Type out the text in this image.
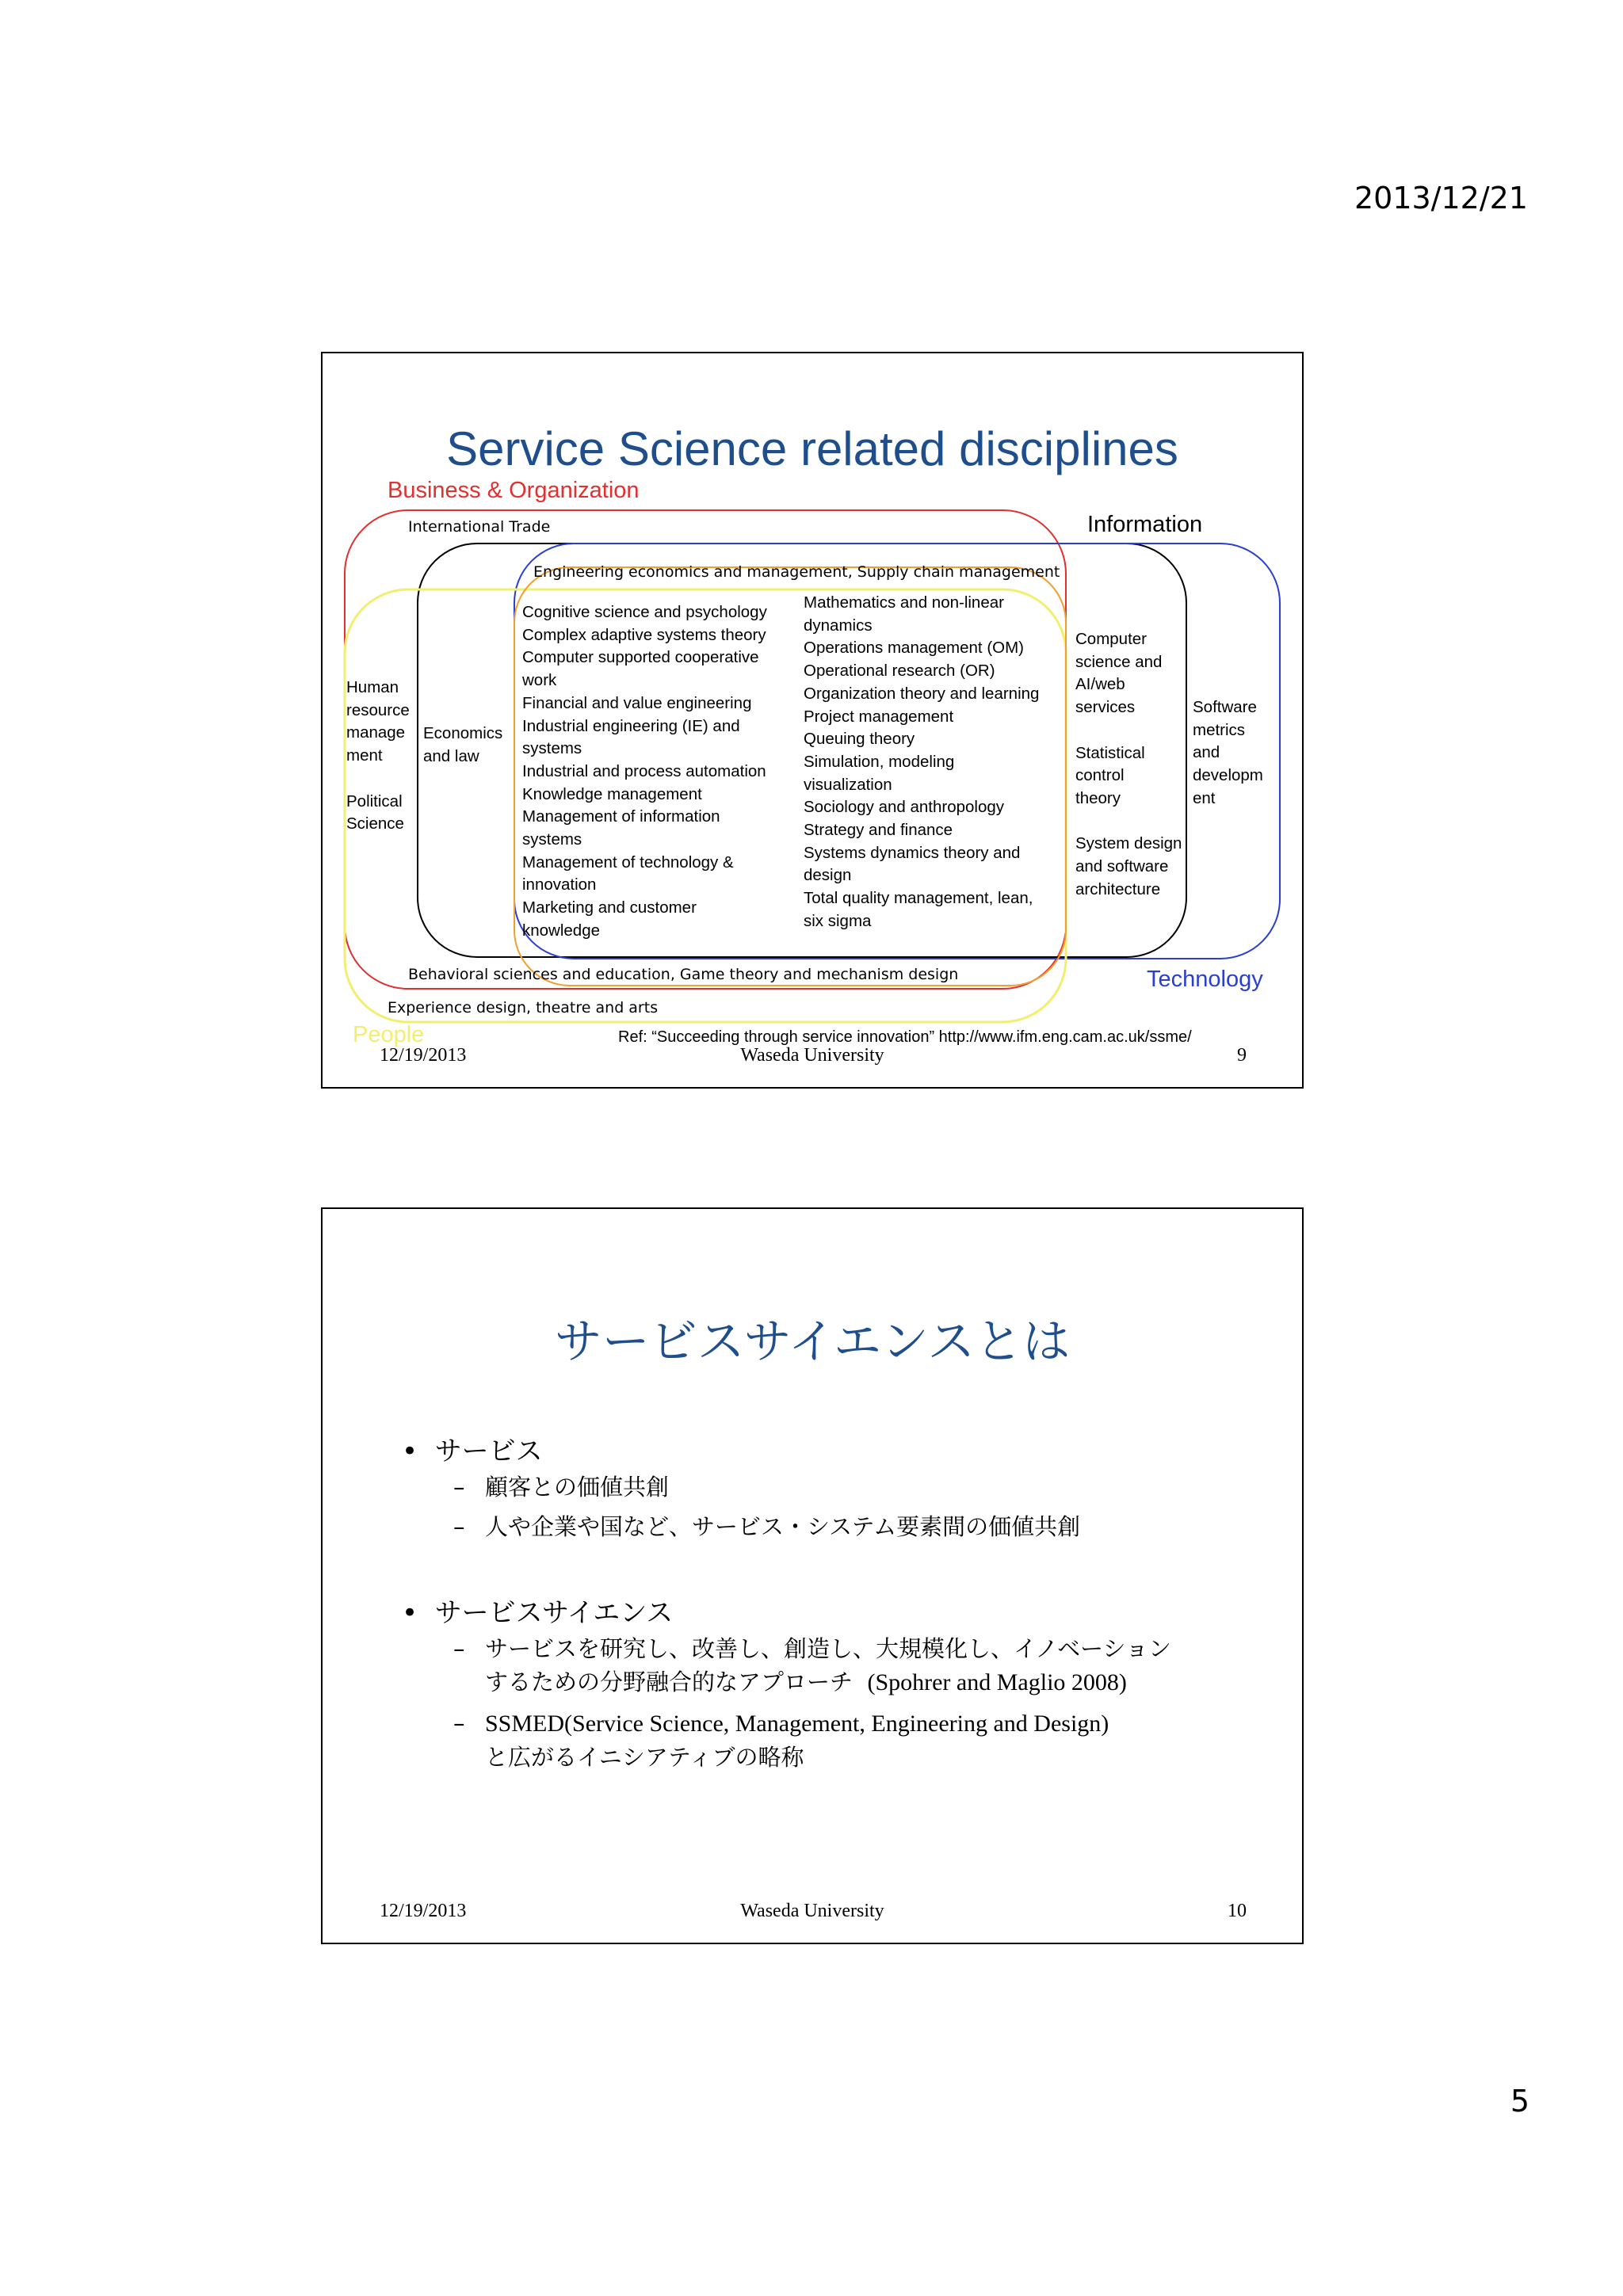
2013/12/21
Service Science related disciplines
Business & Organization
Information
Technology
People
International Trade
Engineering economics and management, Supply chain management
Behavioral sciences and education, Game theory and mechanism design
Experience design, theatre and arts
Human
resource
manage
ment

Political
Science
Economics
and law
Cognitive science and psychology
Complex adaptive systems theory
Computer supported cooperative
work
Financial and value engineering
Industrial engineering (IE) and
systems
Industrial and process automation
Knowledge management
Management of information
systems
Management of technology &
innovation
Marketing and customer
knowledge
Mathematics and non-linear
dynamics
Operations management (OM)
Operational research (OR)
Organization theory and learning
Project management
Queuing theory
Simulation, modeling
visualization
Sociology and anthropology
Strategy and finance
Systems dynamics theory and
design
Total quality management, lean,
six sigma
Computer
science and
AI/web
services

Statistical
control
theory

System design
and software
architecture
Software
metrics
and
developm
ent
Ref: “Succeeding through service innovation” http://www.ifm.eng.cam.ac.uk/ssme/
12/19/2013	Waseda University	9
サービスサイエンスとは
• サービス
– 顧客との価値共創
– 人や企業や国など、サービス・システム要素間の価値共創
• サービスサイエンス
– サービスを研究し、改善し、創造し、大規模化し、イノベーション
するための分野融合的なアプローチ (Spohrer and Maglio 2008)
– SSMED(Service Science, Management, Engineering and Design)
と広がるイニシアティブの略称
12/19/2013	Waseda University	10
5
